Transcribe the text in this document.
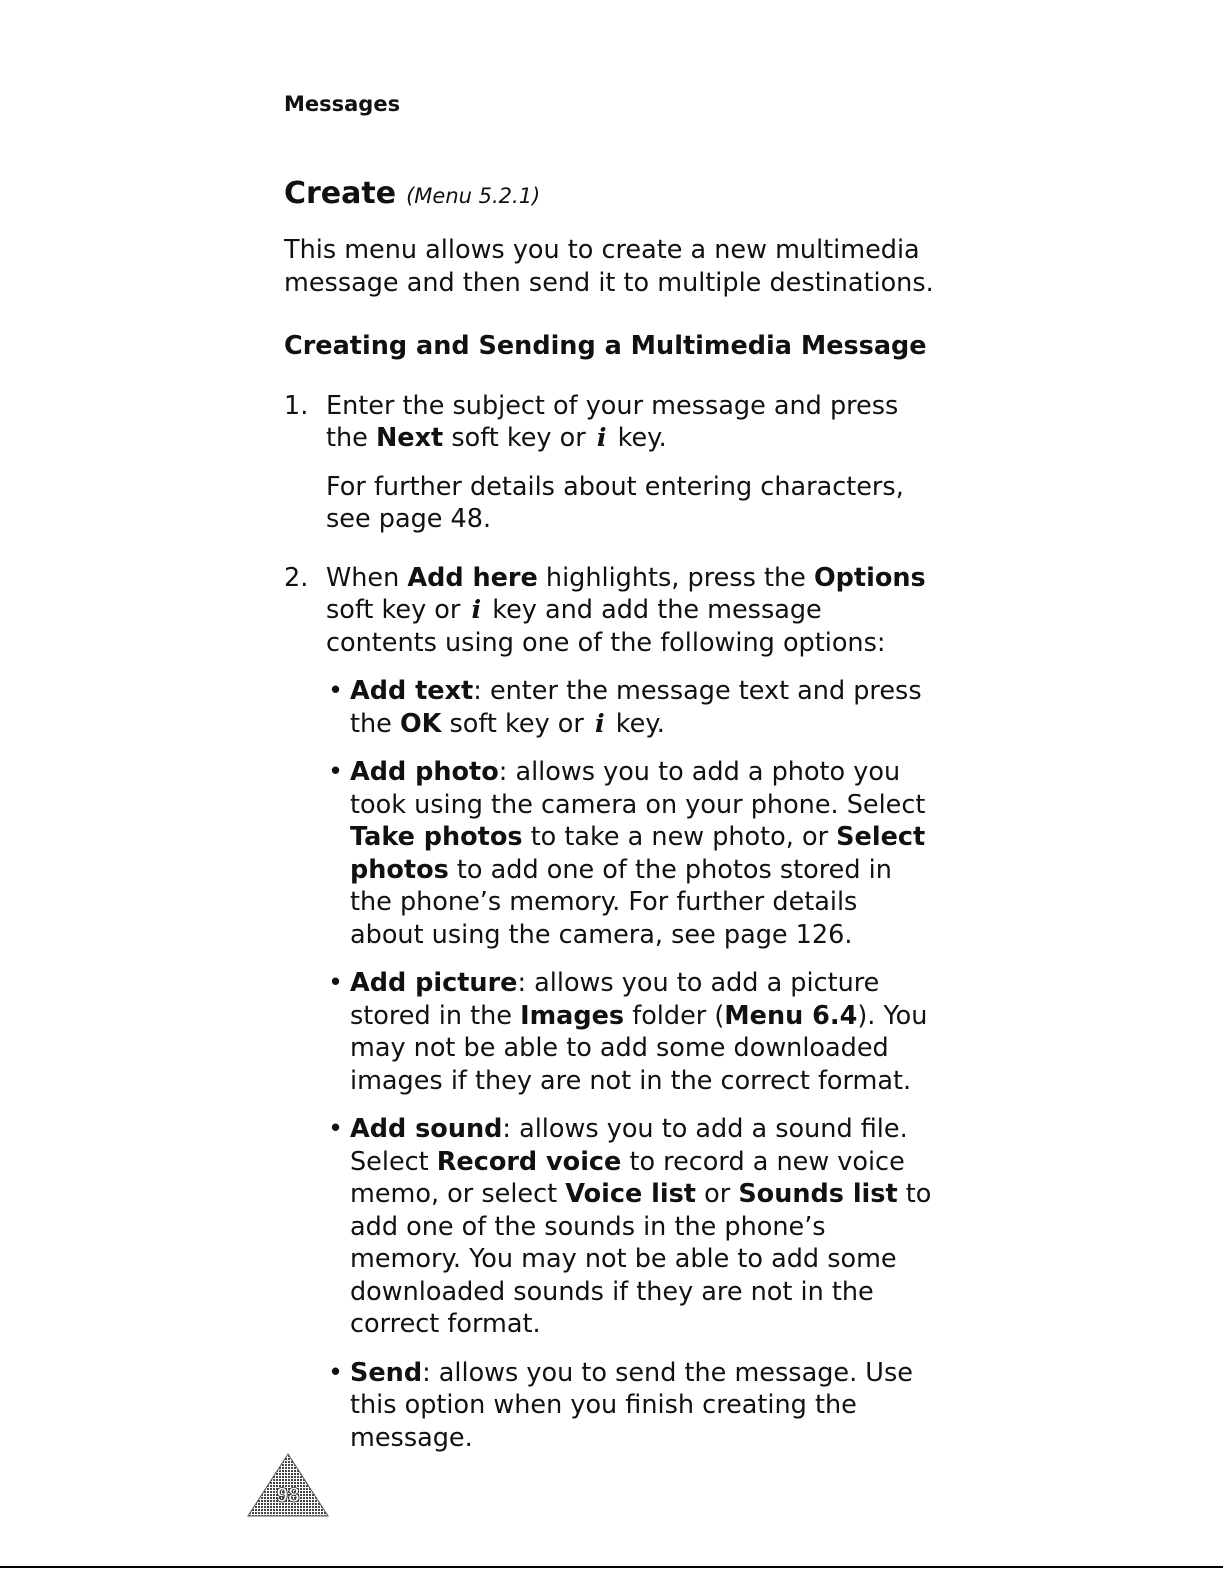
Messages
Create (Menu 5.2.1)

This menu allows you to create a new multimedia message and then send it to multiple destinations.

Creating and Sending a Multimedia Message
1. Enter the subject of your message and press the Next soft key or i key.

For further details about entering characters, see page 48.

2. When Add here highlights, press the Options soft key or i key and add the message contents using one of the following options:
• Add text: enter the message text and press the OK soft key or i key.
• Add photo: allows you to add a photo you took using the camera on your phone. Select Take photos to take a new photo, or Select photos to add one of the photos stored in the phone’s memory. For further details about using the camera, see page 126.
• Add picture: allows you to add a picture stored in the Images folder (Menu 6.4). You may not be able to add some downloaded images if they are not in the correct format.
• Add sound: allows you to add a sound file. Select Record voice to record a new voice memo, or select Voice list or Sounds list to add one of the sounds in the phone’s memory. You may not be able to add some downloaded sounds if they are not in the correct format.
• Send: allows you to send the message. Use this option when you finish creating the message.
98
